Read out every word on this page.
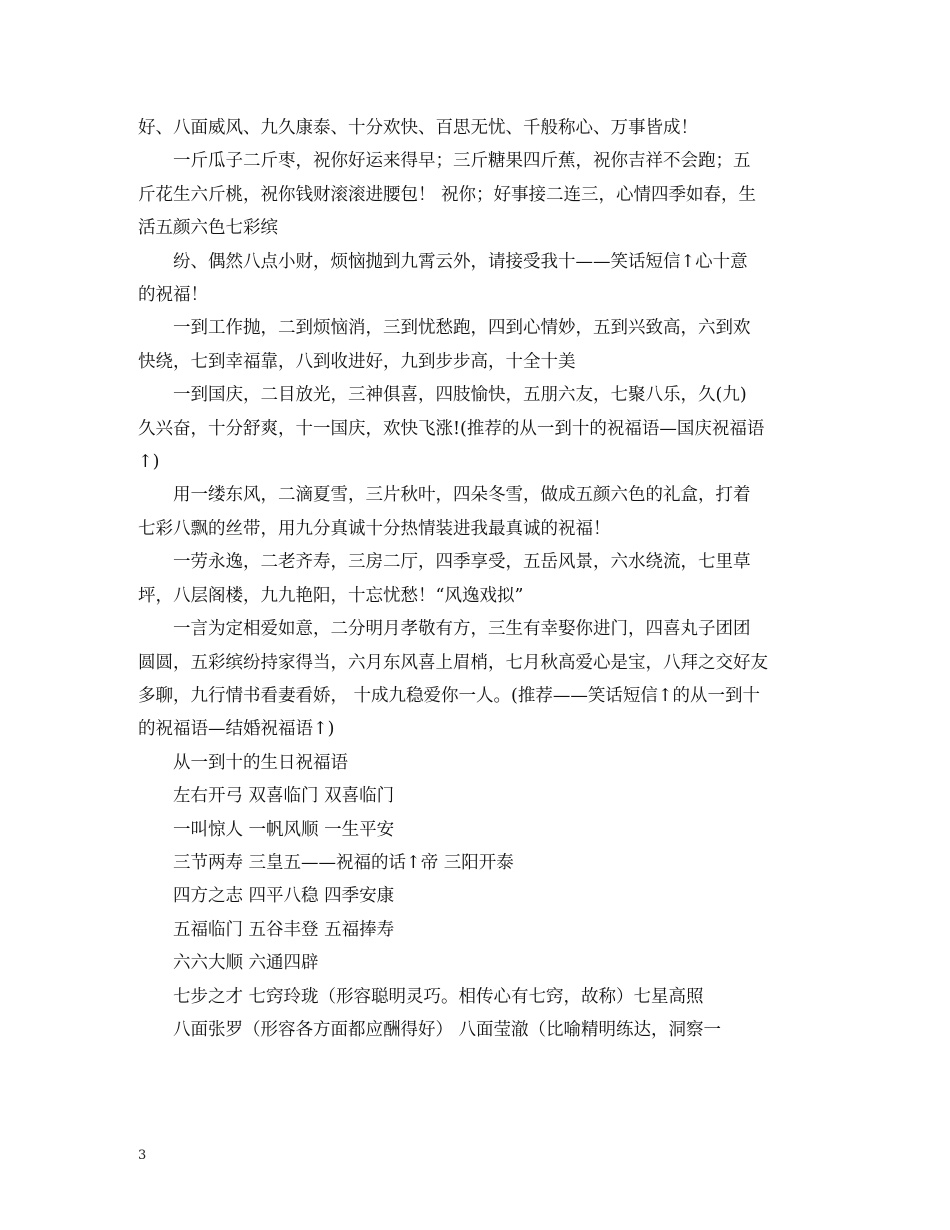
好、八面威风、九久康泰、十分欢快、百思无忧、千般称心、万事皆成！
一斤瓜子二斤枣，祝你好运来得早；三斤糖果四斤蕉，祝你吉祥不会跑；五
斤花生六斤桃，祝你钱财滚滚进腰包！ 祝你；好事接二连三，心情四季如春，生
活五颜六色七彩缤
纷、偶然八点小财，烦恼抛到九霄云外，请接受我十——笑话短信↑心十意
的祝福！
一到工作抛，二到烦恼消，三到忧愁跑，四到心情妙，五到兴致高，六到欢
快绕，七到幸福靠，八到收进好，九到步步高，十全十美
一到国庆，二目放光，三神俱喜，四肢愉快，五朋六友，七聚八乐，久(九)
久兴奋，十分舒爽，十一国庆，欢快飞涨!(推荐的从一到十的祝福语—国庆祝福语
↑)
用一缕东风，二滴夏雪，三片秋叶，四朵冬雪，做成五颜六色的礼盒，打着
七彩八飘的丝带，用九分真诚十分热情装进我最真诚的祝福！
一劳永逸，二老齐寿，三房二厅，四季享受，五岳风景，六水绕流，七里草
坪，八层阁楼，九九艳阳，十忘忧愁！“风逸戏拟”
一言为定相爱如意，二分明月孝敬有方，三生有幸娶你进门，四喜丸子团团
圆圆，五彩缤纷持家得当，六月东风喜上眉梢，七月秋高爱心是宝，八拜之交好友
多聊，九行情书看妻看娇， 十成九稳爱你一人。(推荐——笑话短信↑的从一到十
的祝福语—结婚祝福语↑)
从一到十的生日祝福语
左右开弓 双喜临门 双喜临门
一叫惊人 一帆风顺 一生平安
三节两寿 三皇五——祝福的话↑帝 三阳开泰
四方之志 四平八稳 四季安康
五福临门 五谷丰登 五福捧寿
六六大顺 六通四辟
七步之才 七窍玲珑（形容聪明灵巧。相传心有七窍，故称）七星高照
八面张罗（形容各方面都应酬得好） 八面莹澈（比喻精明练达，洞察一
3
